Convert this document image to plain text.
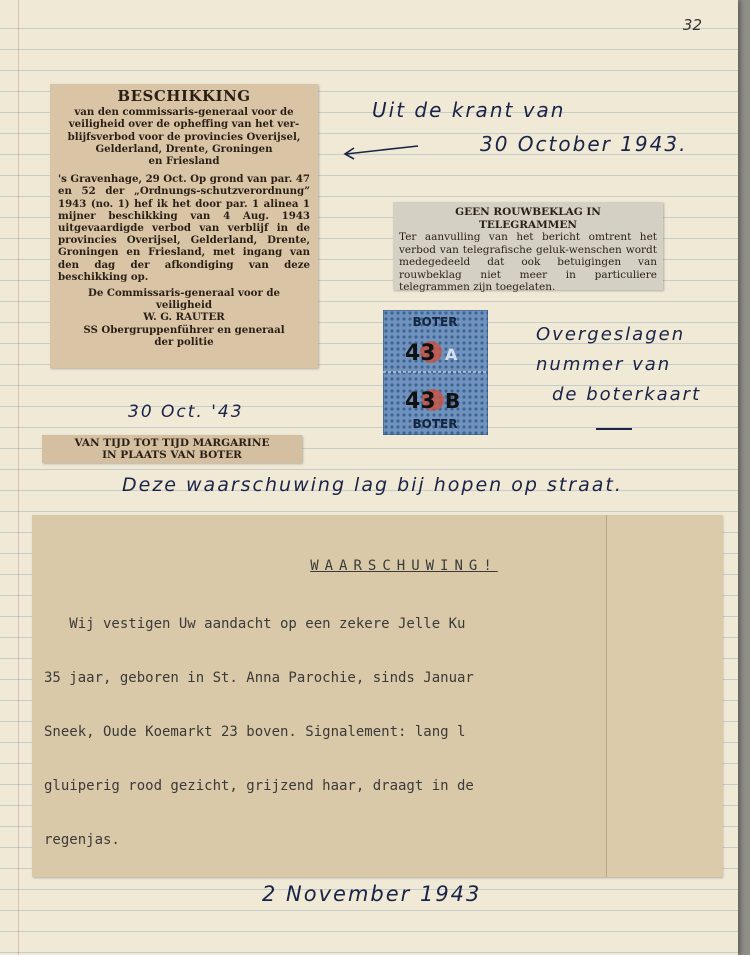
32
BESCHIKKING
van den commissaris-generaal voor de
veiligheid over de opheffing van het ver-
blijfsverbod voor de provincies Overijsel,
Gelderland, Drente, Groningen
en Friesland
's Gravenhage, 29 Oct. Op grond van par. 47 en 52 der „Ordnungs-schutzverordnung” 1943 (no. 1) hef ik het door par. 1 alinea 1 mijner beschikking van 4 Aug. 1943 uitgevaardigde verbod van verblijf in de provincies Overijsel, Gelderland, Drente, Groningen en Friesland, met ingang van den dag der afkondiging van deze beschikking op.
De Commissaris-generaal voor de
veiligheid
W. G. RAUTER
SS Obergruppenführer en generaal
der politie
Uit de krant van
30 October 1943.
GEEN ROUWBEKLAG IN
TELEGRAMMEN
Ter aanvulling van het bericht omtrent het verbod van telegrafische geluk-wenschen wordt medegedeeld dat ook betuigingen van rouwbeklag niet meer in particuliere telegrammen zijn toegelaten.
BOTER
43 A
43 B
BOTER
Overgeslagen
nummer van
de boterkaart
30 Oct. '43
VAN TIJD TOT TIJD MARGARINE
IN PLAATS VAN BOTER
Deze waarschuwing lag bij hopen op straat.

WAARSCHUWING!

Wij vestigen Uw aandacht op een zekere Jelle Ku

35 jaar, geboren in St. Anna Parochie, sinds Januar

Sneek, Oude Koemarkt 23 boven. Signalement: lang l

gluiperig rood gezicht, grijzend haar, draagt in de

regenjas.

2 November 1943
